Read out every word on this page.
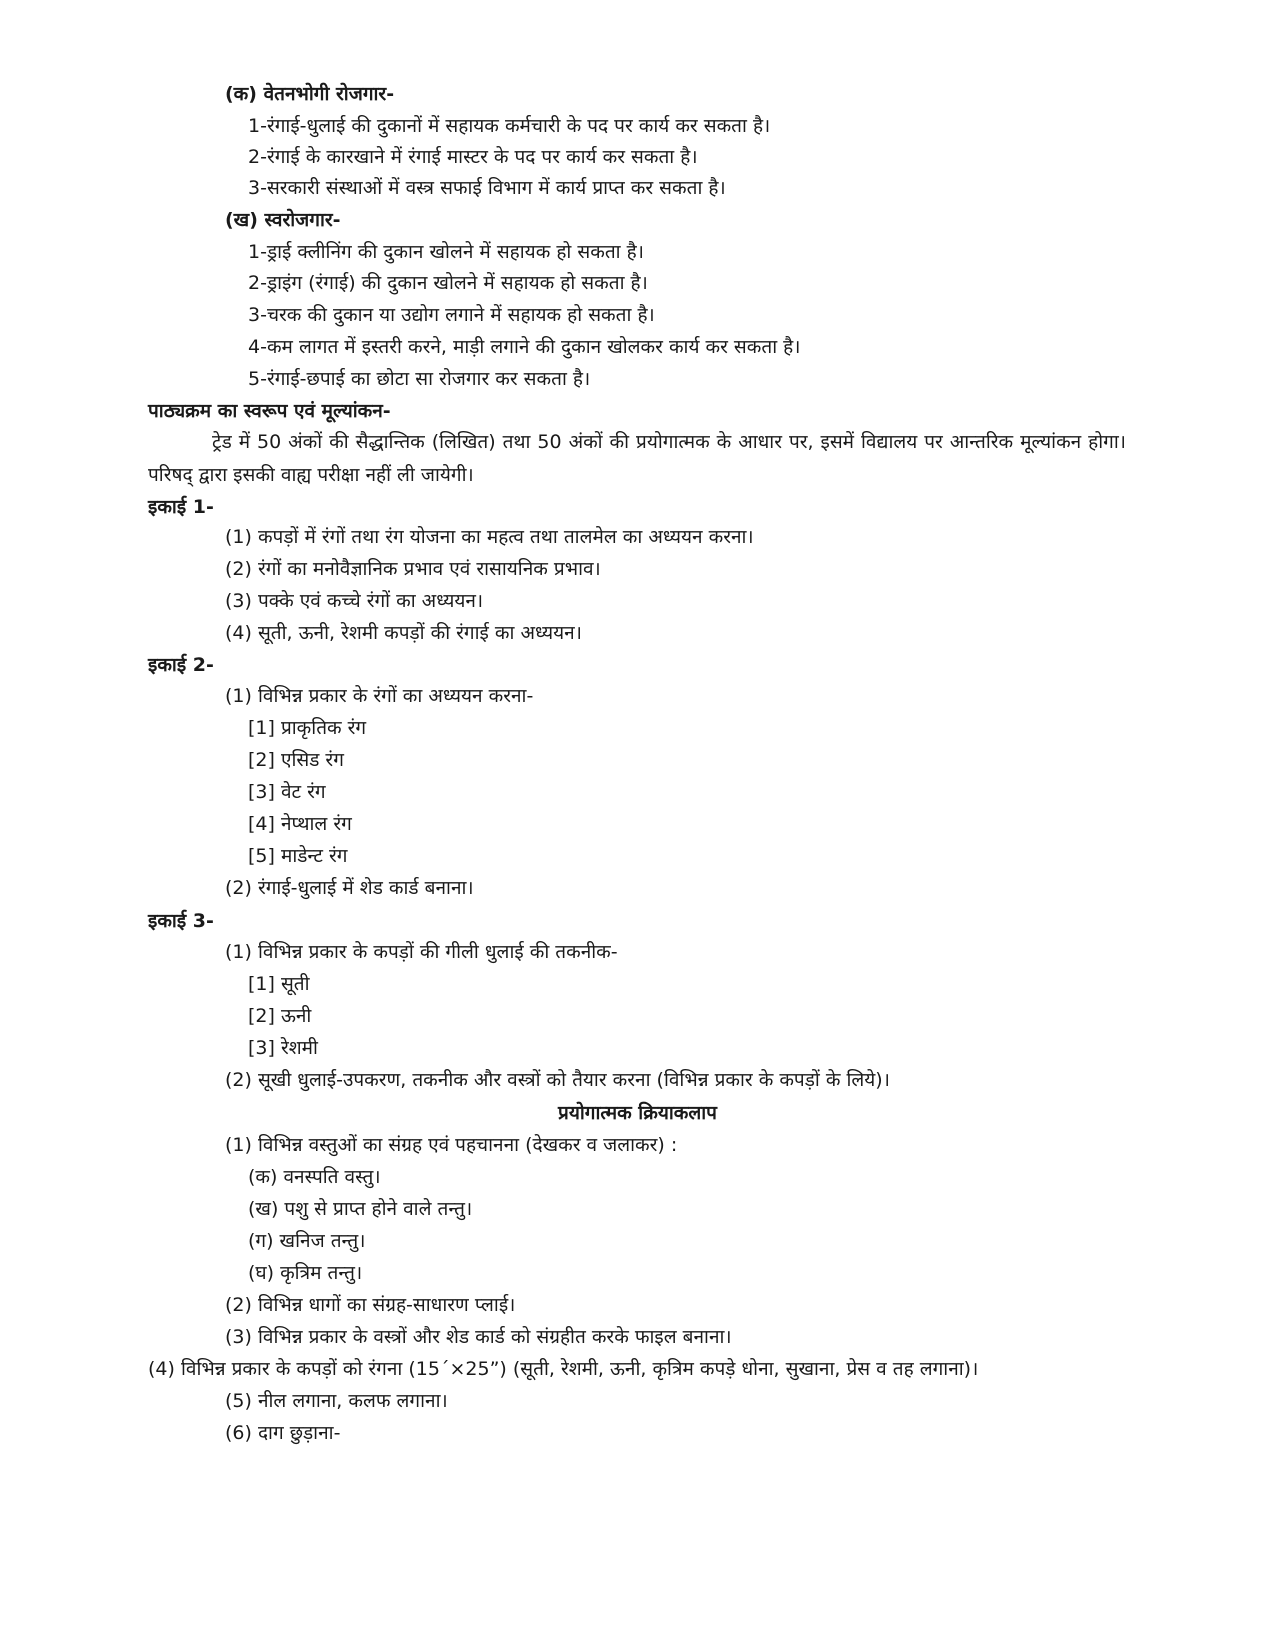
(क) वेतनभोगी रोजगार-

1-रंगाई-धुलाई की दुकानों में सहायक कर्मचारी के पद पर कार्य कर सकता है।

2-रंगाई के कारखाने में रंगाई मास्टर के पद पर कार्य कर सकता है।

3-सरकारी संस्थाओं में वस्त्र सफाई विभाग में कार्य प्राप्त कर सकता है।

(ख) स्वरोजगार-

1-ड्राई क्लीनिंग की दुकान खोलने में सहायक हो सकता है।

2-ड्राइंग (रंगाई) की दुकान खोलने में सहायक हो सकता है।

3-चरक की दुकान या उद्योग लगाने में सहायक हो सकता है।

4-कम लागत में इस्तरी करने, माड़ी लगाने की दुकान खोलकर कार्य कर सकता है।

5-रंगाई-छपाई का छोटा सा रोजगार कर सकता है।

पाठ्यक्रम का स्वरूप एवं मूल्यांकन-

ट्रेड में 50 अंकों की सैद्धान्तिक (लिखित) तथा 50 अंकों की प्रयोगात्मक के आधार पर, इसमें विद्यालय पर आन्तरिक मूल्यांकन होगा। परिषद् द्वारा इसकी वाह्य परीक्षा नहीं ली जायेगी।

इकाई 1-

(1) कपड़ों में रंगों तथा रंग योजना का महत्व तथा तालमेल का अध्ययन करना।

(2) रंगों का मनोवैज्ञानिक प्रभाव एवं रासायनिक प्रभाव।

(3) पक्के एवं कच्चे रंगों का अध्ययन।

(4) सूती, ऊनी, रेशमी कपड़ों की रंगाई का अध्ययन।

इकाई 2-

(1) विभिन्न प्रकार के रंगों का अध्ययन करना-

[1] प्राकृतिक रंग

[2] एसिड रंग

[3] वेट रंग

[4] नेप्थाल रंग

[5] माडेन्ट रंग

(2) रंगाई-धुलाई में शेड कार्ड बनाना।

इकाई 3-

(1) विभिन्न प्रकार के कपड़ों की गीली धुलाई की तकनीक-

[1] सूती

[2] ऊनी

[3] रेशमी

(2) सूखी धुलाई-उपकरण, तकनीक और वस्त्रों को तैयार करना (विभिन्न प्रकार के कपड़ों के लिये)।

प्रयोगात्मक क्रियाकलाप

(1) विभिन्न वस्तुओं का संग्रह एवं पहचानना (देखकर व जलाकर) :

(क) वनस्पति वस्तु।

(ख) पशु से प्राप्त होने वाले तन्तु।

(ग) खनिज तन्तु।

(घ) कृत्रिम तन्तु।

(2) विभिन्न धागों का संग्रह-साधारण प्लाई।

(3) विभिन्न प्रकार के वस्त्रों और शेड कार्ड को संग्रहीत करके फाइल बनाना।

(4) विभिन्न प्रकार के कपड़ों को रंगना (15´×25”) (सूती, रेशमी, ऊनी, कृत्रिम कपड़े धोना, सुखाना, प्रेस व तह लगाना)।

(5) नील लगाना, कलफ लगाना।

(6) दाग छुड़ाना-
